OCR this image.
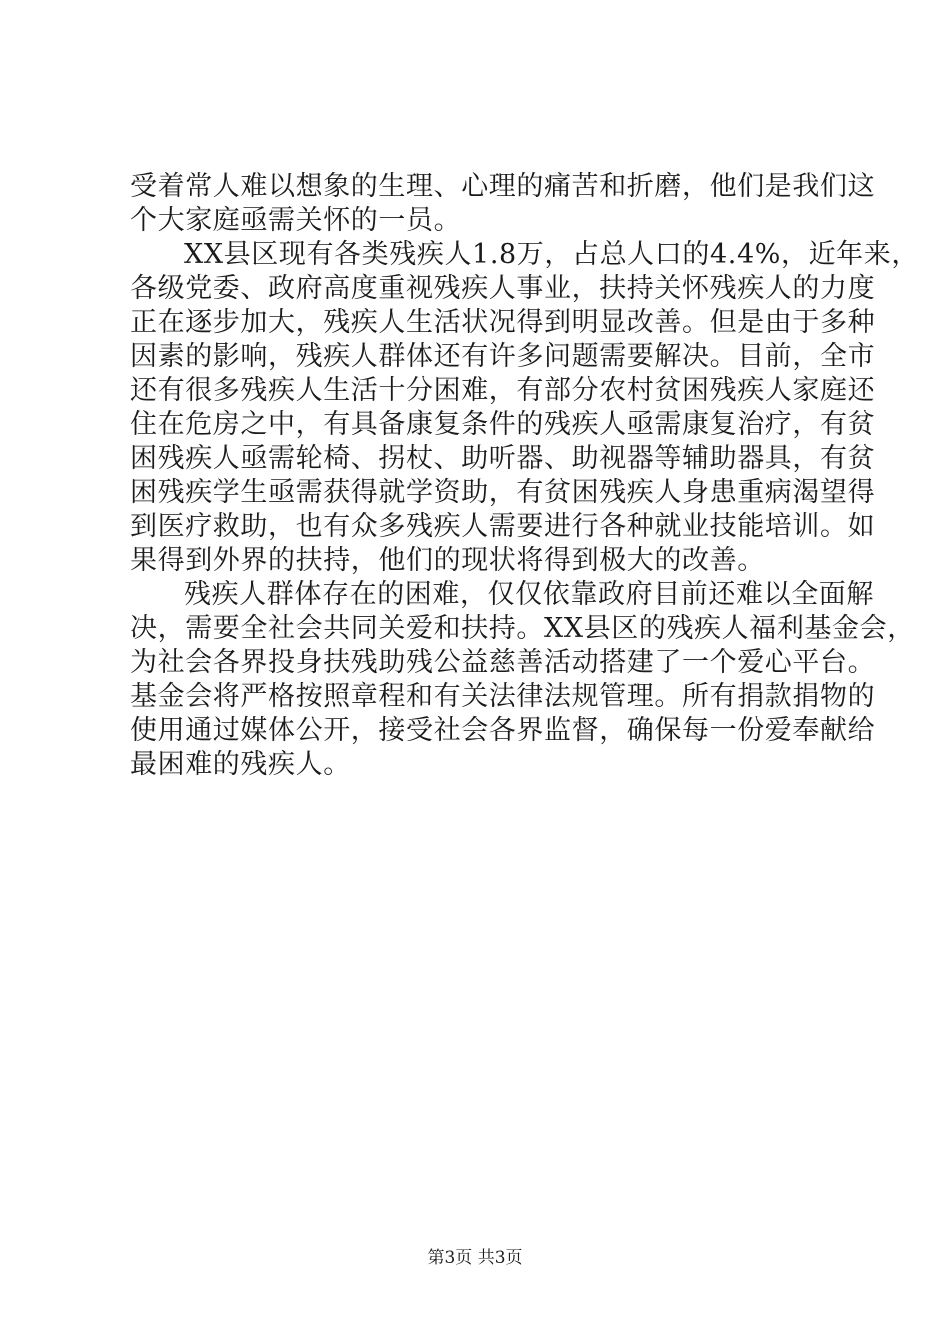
受着常人难以想象的生理、心理的痛苦和折磨，他们是我们这
个大家庭亟需关怀的一员。
XX县区现有各类残疾人1.8万，占总人口的4.4%，近年来，
各级党委、政府高度重视残疾人事业，扶持关怀残疾人的力度
正在逐步加大，残疾人生活状况得到明显改善。但是由于多种
因素的影响，残疾人群体还有许多问题需要解决。目前，全市
还有很多残疾人生活十分困难，有部分农村贫困残疾人家庭还
住在危房之中，有具备康复条件的残疾人亟需康复治疗，有贫
困残疾人亟需轮椅、拐杖、助听器、助视器等辅助器具，有贫
困残疾学生亟需获得就学资助，有贫困残疾人身患重病渴望得
到医疗救助，也有众多残疾人需要进行各种就业技能培训。如
果得到外界的扶持，他们的现状将得到极大的改善。
残疾人群体存在的困难，仅仅依靠政府目前还难以全面解
决，需要全社会共同关爱和扶持。XX县区的残疾人福利基金会，
为社会各界投身扶残助残公益慈善活动搭建了一个爱心平台。
基金会将严格按照章程和有关法律法规管理。所有捐款捐物的
使用通过媒体公开，接受社会各界监督，确保每一份爱奉献给
最困难的残疾人。
第3页 共3页
